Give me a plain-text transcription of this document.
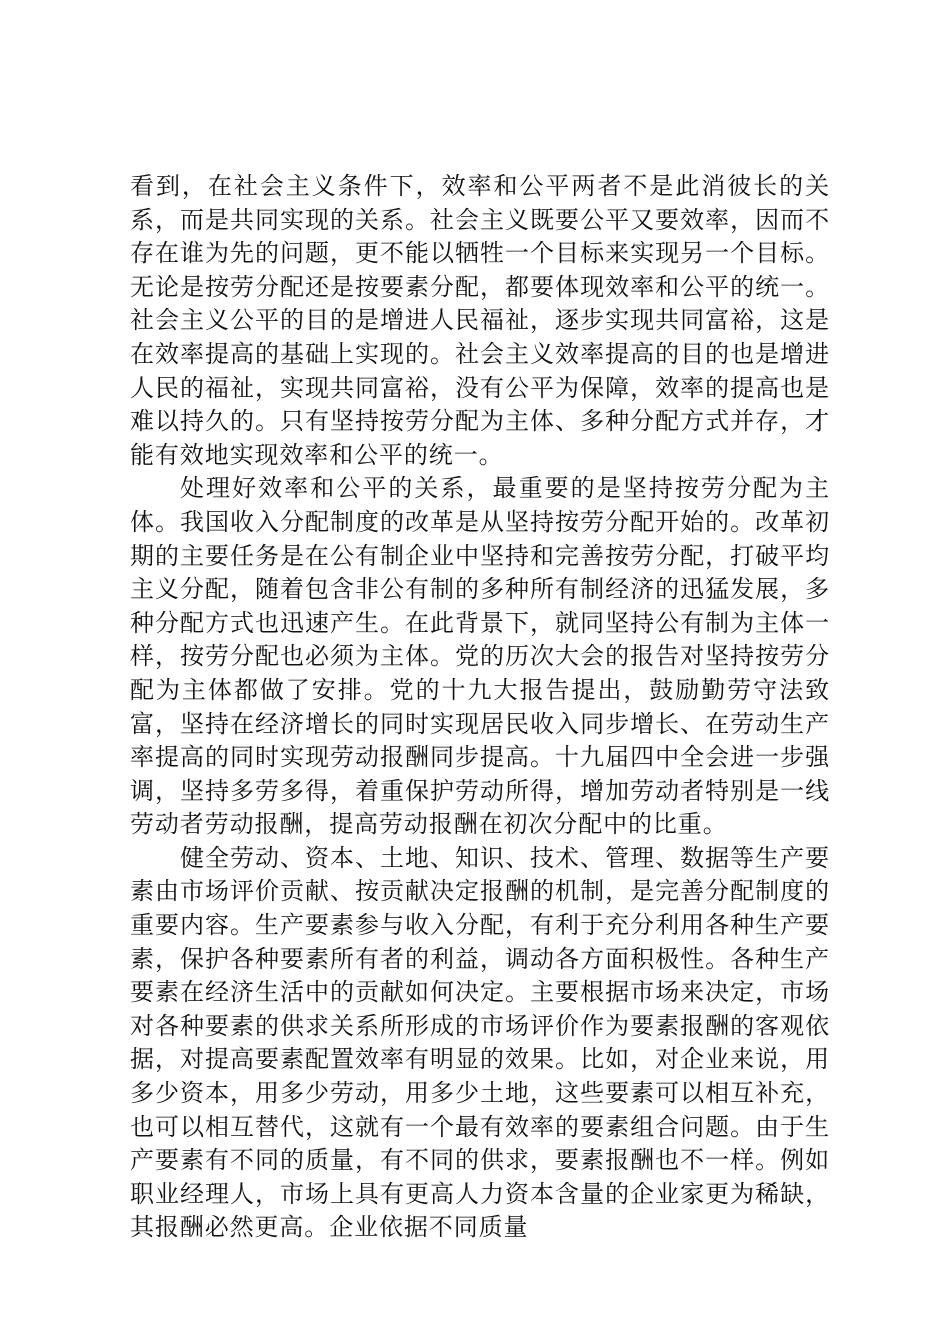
看到，在社会主义条件下，效率和公平两者不是此消彼长的关系，而是共同实现的关系。社会主义既要公平又要效率，因而不存在谁为先的问题，更不能以牺牲一个目标来实现另一个目标。无论是按劳分配还是按要素分配，都要体现效率和公平的统一。社会主义公平的目的是增进人民福祉，逐步实现共同富裕，这是在效率提高的基础上实现的。社会主义效率提高的目的也是增进人民的福祉，实现共同富裕，没有公平为保障，效率的提高也是难以持久的。只有坚持按劳分配为主体、多种分配方式并存，才能有效地实现效率和公平的统一。

处理好效率和公平的关系，最重要的是坚持按劳分配为主体。我国收入分配制度的改革是从坚持按劳分配开始的。改革初期的主要任务是在公有制企业中坚持和完善按劳分配，打破平均主义分配，随着包含非公有制的多种所有制经济的迅猛发展，多种分配方式也迅速产生。在此背景下，就同坚持公有制为主体一样，按劳分配也必须为主体。党的历次大会的报告对坚持按劳分配为主体都做了安排。党的十九大报告提出，鼓励勤劳守法致富，坚持在经济增长的同时实现居民收入同步增长、在劳动生产率提高的同时实现劳动报酬同步提高。十九届四中全会进一步强调，坚持多劳多得，着重保护劳动所得，增加劳动者特别是一线劳动者劳动报酬，提高劳动报酬在初次分配中的比重。

健全劳动、资本、土地、知识、技术、管理、数据等生产要素由市场评价贡献、按贡献决定报酬的机制，是完善分配制度的重要内容。生产要素参与收入分配，有利于充分利用各种生产要素，保护各种要素所有者的利益，调动各方面积极性。各种生产要素在经济生活中的贡献如何决定。主要根据市场来决定，市场对各种要素的供求关系所形成的市场评价作为要素报酬的客观依据，对提高要素配置效率有明显的效果。比如，对企业来说，用多少资本，用多少劳动，用多少土地，这些要素可以相互补充，也可以相互替代，这就有一个最有效率的要素组合问题。由于生产要素有不同的质量，有不同的供求，要素报酬也不一样。例如职业经理人，市场上具有更高人力资本含量的企业家更为稀缺，其报酬必然更高。企业依据不同质量
